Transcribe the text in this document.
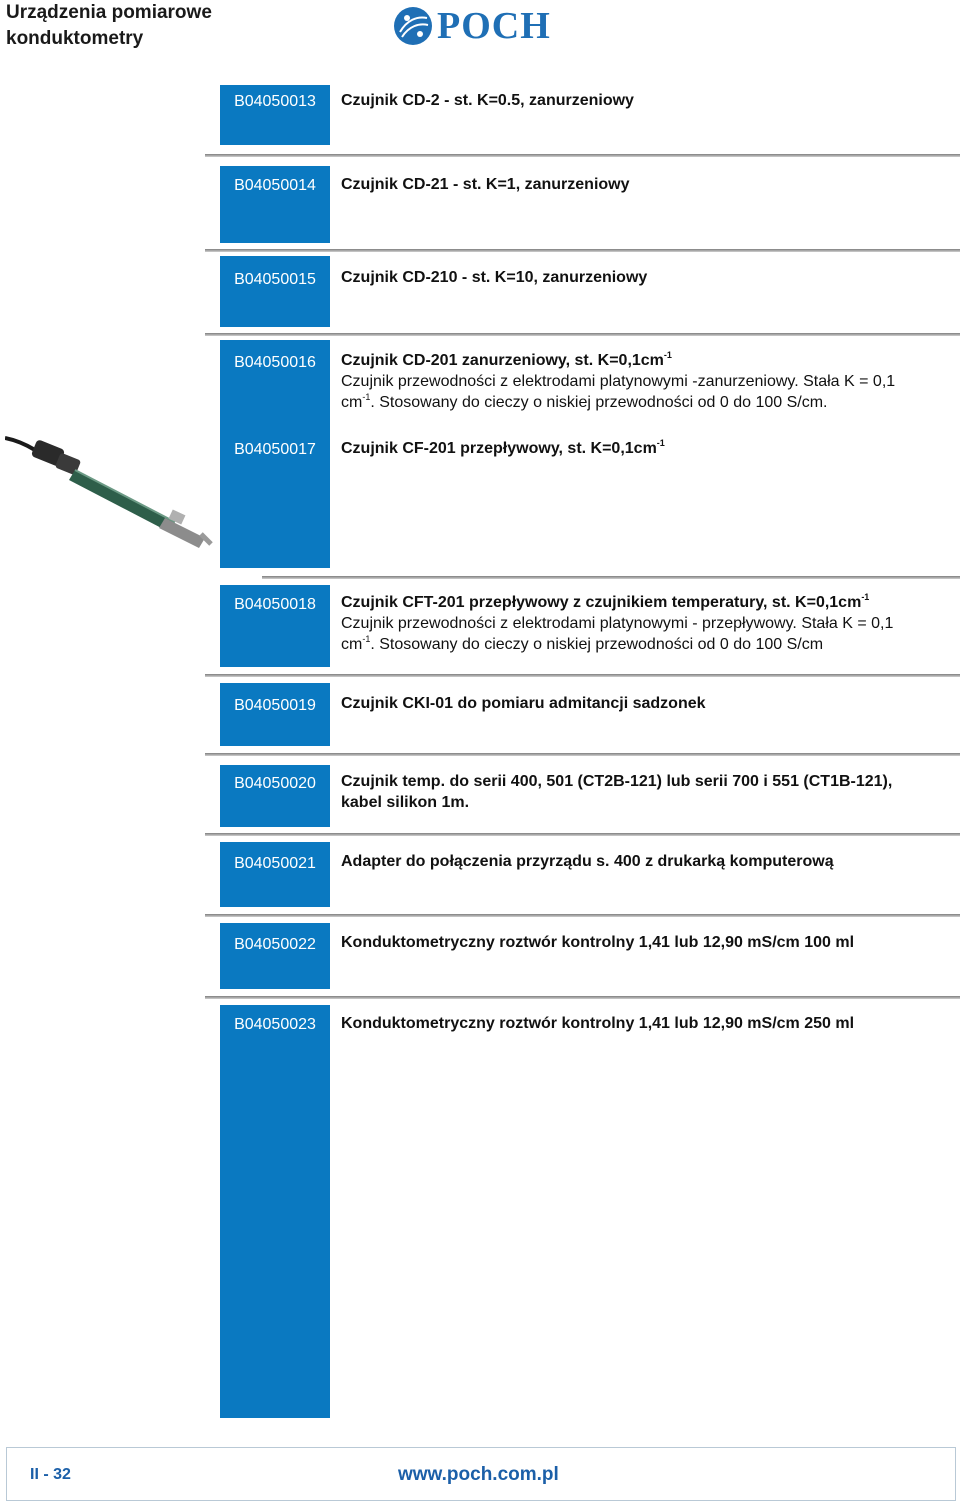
Urządzenia pomiarowe
konduktometry	POCH
B04050013	Czujnik CD-2 - st. K=0.5, zanurzeniowy
B04050014	Czujnik CD-21 - st. K=1, zanurzeniowy
B04050015	Czujnik CD-210 - st. K=10, zanurzeniowy
B04050016	Czujnik CD-201 zanurzeniowy, st. $K=0,1cm^{-1}$
Czujnik przewodności z elektrodami platynowymi -zanurzeniowy. Stała K = 0,1
$cm^{-1}$. Stosowany do cieczy o niskiej przewodności od 0 do 100 S/cm.
B04050017	Czujnik CF-201 przepływowy, st. $K=0,1cm^{-1}$
B04050018	Czujnik CFT-201 przepływowy z czujnikiem temperatury, st. $K=0,1cm^{-1}$
Czujnik przewodności z elektrodami platynowymi - przepływowy. Stała K = 0,1
$cm^{-1}$. Stosowany do cieczy o niskiej przewodności od 0 do 100 S/cm
B04050019	Czujnik CKI-01 do pomiaru admitancji sadzonek
B04050020	Czujnik temp. do serii 400, 501 (CT2B-121) lub serii 700 i 551 (CT1B-121),
kabel silikon 1m.
B04050021	Adapter do połączenia przyrządu s. 400 z drukarką komputerową
B04050022	Konduktometryczny roztwór kontrolny 1,41 lub 12,90 mS/cm 100 ml
B04050023	Konduktometryczny roztwór kontrolny 1,41 lub 12,90 mS/cm 250 ml
II - 32	www.poch.com.pl
